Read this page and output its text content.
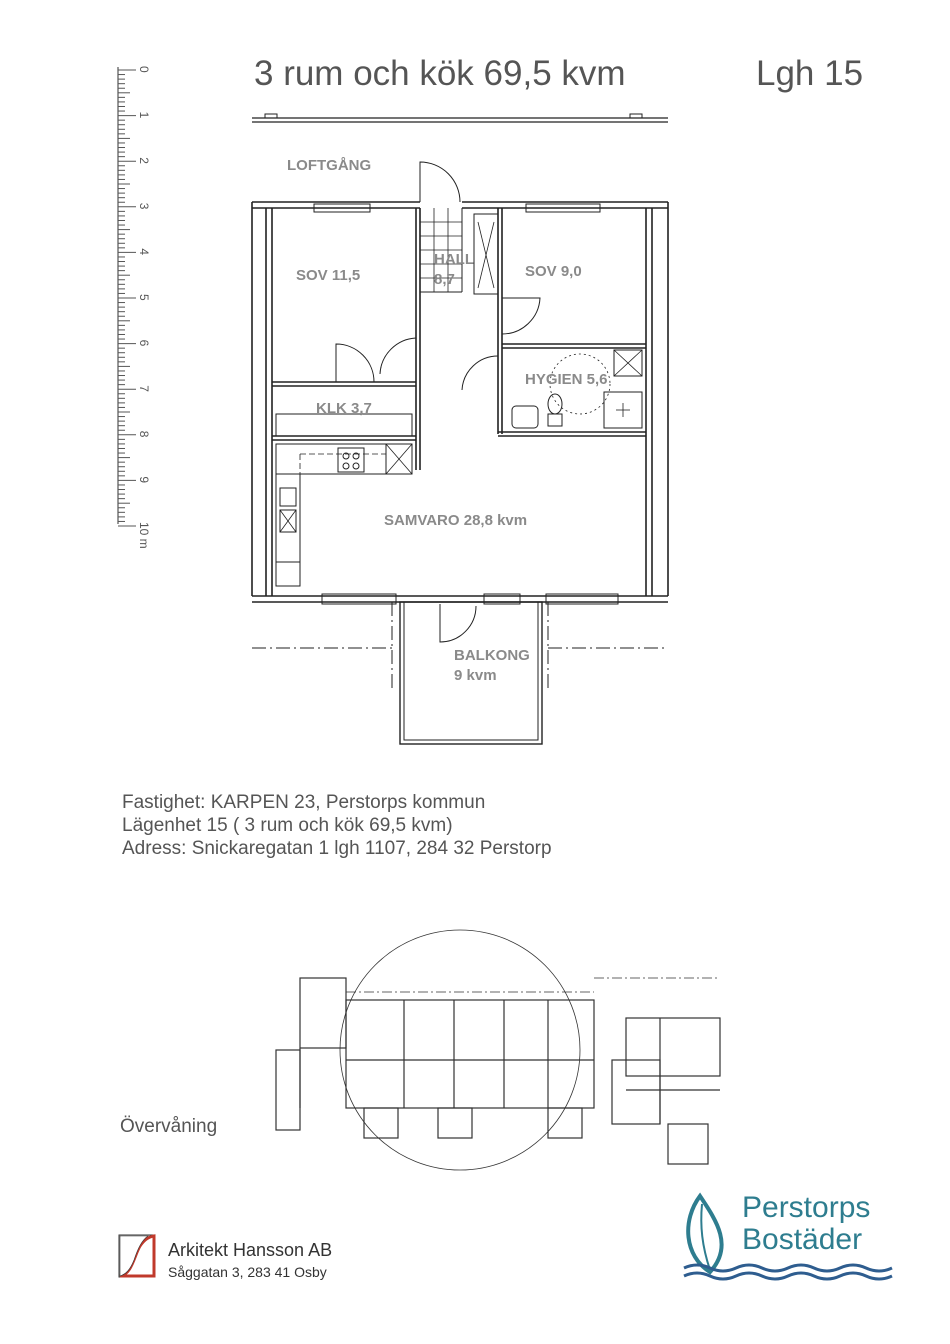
3 rum och kök 69,5 kvm	Lgh 15
0
1
2
3
4
5
6
7
8
9
10 m
LOFTGÅNG
SOV 11,5
HALL
8,7	SOV 9,0
HYGIEN 5,6
KLK 3,7
SAMVARO 28,8 kvm
BALKONG
9 kvm
Fastighet: KARPEN 23, Perstorps kommun
Lägenhet 15 ( 3 rum och kök 69,5 kvm)
Adress: Snickaregatan 1 lgh 1107, 284 32 Perstorp
Övervåning
Arkitekt Hansson AB
Såggatan 3, 283 41 Osby
Perstorps
Bostäder
